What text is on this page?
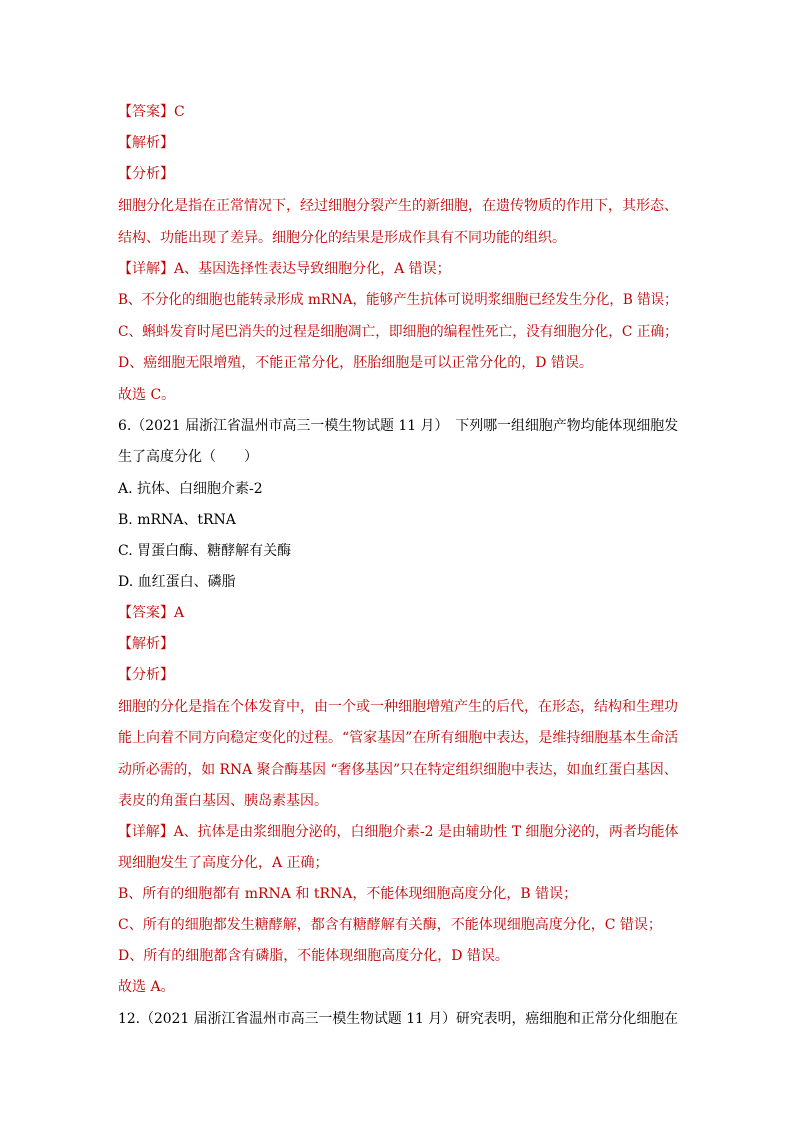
【答案】C
【解析】
【分析】
细胞分化是指在正常情况下，经过细胞分裂产生的新细胞，在遗传物质的作用下，其形态、
结构、功能出现了差异。细胞分化的结果是形成作具有不同功能的组织。
【详解】A、基因选择性表达导致细胞分化，A 错误；
B、不分化的细胞也能转录形成 mRNA，能够产生抗体可说明浆细胞已经发生分化，B 错误；
C、蝌蚪发育时尾巴消失的过程是细胞凋亡，即细胞的编程性死亡，没有细胞分化，C 正确；
D、癌细胞无限增殖，不能正常分化，胚胎细胞是可以正常分化的，D 错误。
故选 C。
6.（2021 届浙江省温州市高三一模生物试题 11 月）　下列哪一组细胞产物均能体现细胞发
生了高度分化（　　）
A. 抗体、白细胞介素-2
B. mRNA、tRNA
C. 胃蛋白酶、糖酵解有关酶
D. 血红蛋白、磷脂
【答案】A
【解析】
【分析】
细胞的分化是指在个体发育中，由一个或一种细胞增殖产生的后代，在形态，结构和生理功
能上向着不同方向稳定变化的过程。“管家基因”在所有细胞中表达，是维持细胞基本生命活
动所必需的，如 RNA 聚合酶基因 “奢侈基因”只在特定组织细胞中表达，如血红蛋白基因、
表皮的角蛋白基因、胰岛素基因。
【详解】A、抗体是由浆细胞分泌的，白细胞介素-2 是由辅助性 T 细胞分泌的，两者均能体
现细胞发生了高度分化，A 正确；
B、所有的细胞都有 mRNA 和 tRNA，不能体现细胞高度分化，B 错误；
C、所有的细胞都发生糖酵解，都含有糖酵解有关酶，不能体现细胞高度分化，C 错误；
D、所有的细胞都含有磷脂，不能体现细胞高度分化，D 错误。
故选 A。
12.（2021 届浙江省温州市高三一模生物试题 11 月）研究表明，癌细胞和正常分化细胞在
